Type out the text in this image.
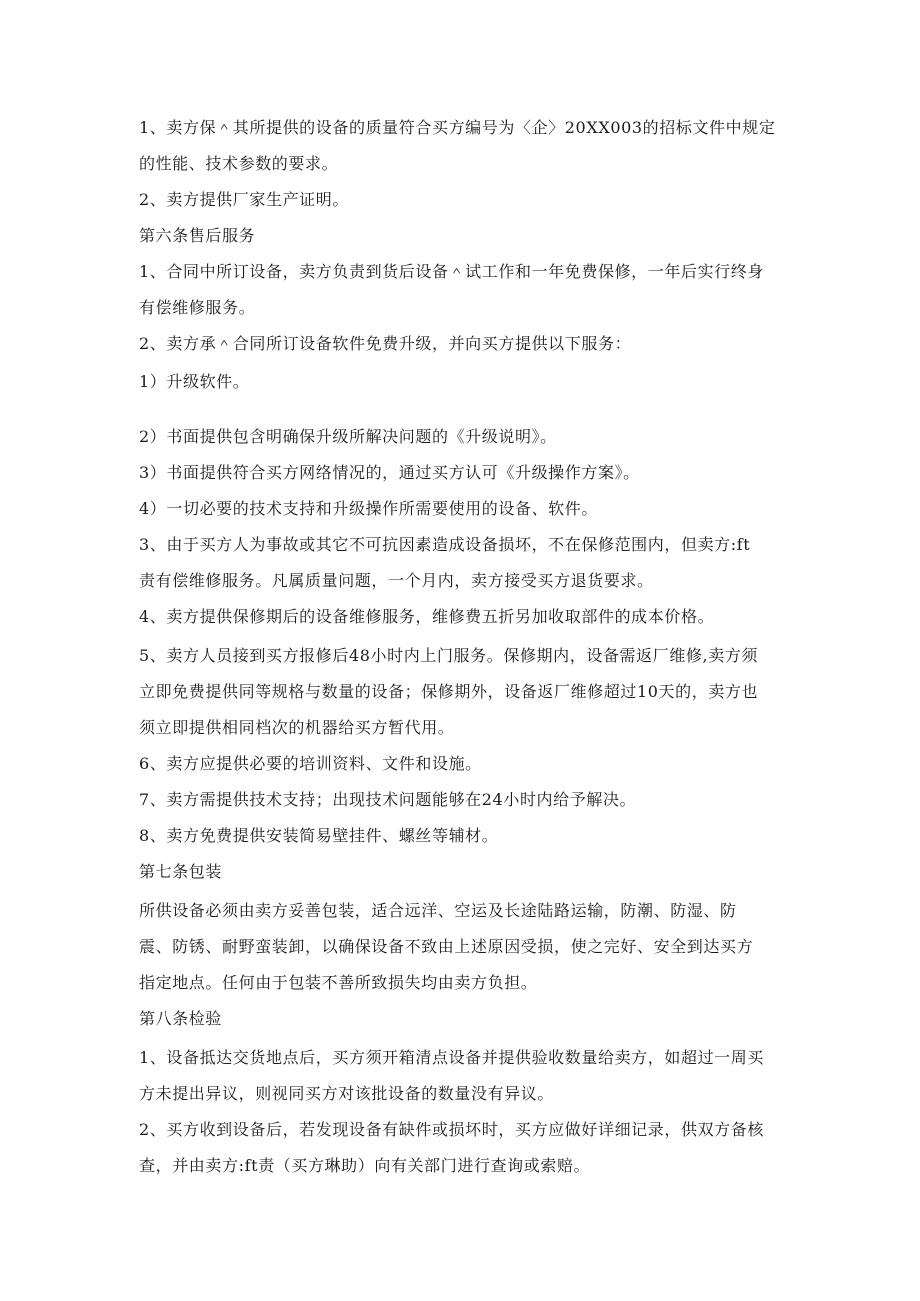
1、卖方保＾其所提供的设备的质量符合买方编号为〈企〉20XX003的招标文件中规定

的性能、技术参数的要求。

2、卖方提供厂家生产证明。

第六条售后服务

1、合同中所订设备，卖方负责到货后设备＾试工作和一年免费保修，一年后实行终身

有偿维修服务。

2、卖方承＾合同所订设备软件免费升级，并向买方提供以下服务：

1）升级软件。

2）书面提供包含明确保升级所解决问题的《升级说明》。

3）书面提供符合买方网络情况的，通过买方认可《升级操作方案》。

4）一切必要的技术支持和升级操作所需要使用的设备、软件。

3、由于买方人为事故或其它不可抗因素造成设备损坏，不在保修范围内，但卖方:ft

责有偿维修服务。凡属质量问题，一个月内，卖方接受买方退货要求。

4、卖方提供保修期后的设备维修服务，维修费五折另加收取部件的成本价格。

5、卖方人员接到买方报修后48小时内上门服务。保修期内，设备需返厂维修,卖方须

立即免费提供同等规格与数量的设备；保修期外，设备返厂维修超过10天的，卖方也

须立即提供相同档次的机器给买方暂代用。

6、卖方应提供必要的培训资料、文件和设施。

7、卖方需提供技术支持；出现技术问题能够在24小时内给予解决。

8、卖方免费提供安装简易壁挂件、螺丝等辅材。

第七条包装

所供设备必须由卖方妥善包装，适合远洋、空运及长途陆路运输，防潮、防湿、防

震、防锈、耐野蛮装卸，以确保设备不致由上述原因受损，使之完好、安全到达买方

指定地点。任何由于包装不善所致损失均由卖方负担。

第八条检验

1、设备抵达交货地点后，买方须开箱清点设备并提供验收数量给卖方，如超过一周买

方未提出异议，则视同买方对该批设备的数量没有异议。

2、买方收到设备后，若发现设备有缺件或损坏时，买方应做好详细记录，供双方备核

查，并由卖方:ft责（买方琳助）向有关部门进行查询或索赔。
